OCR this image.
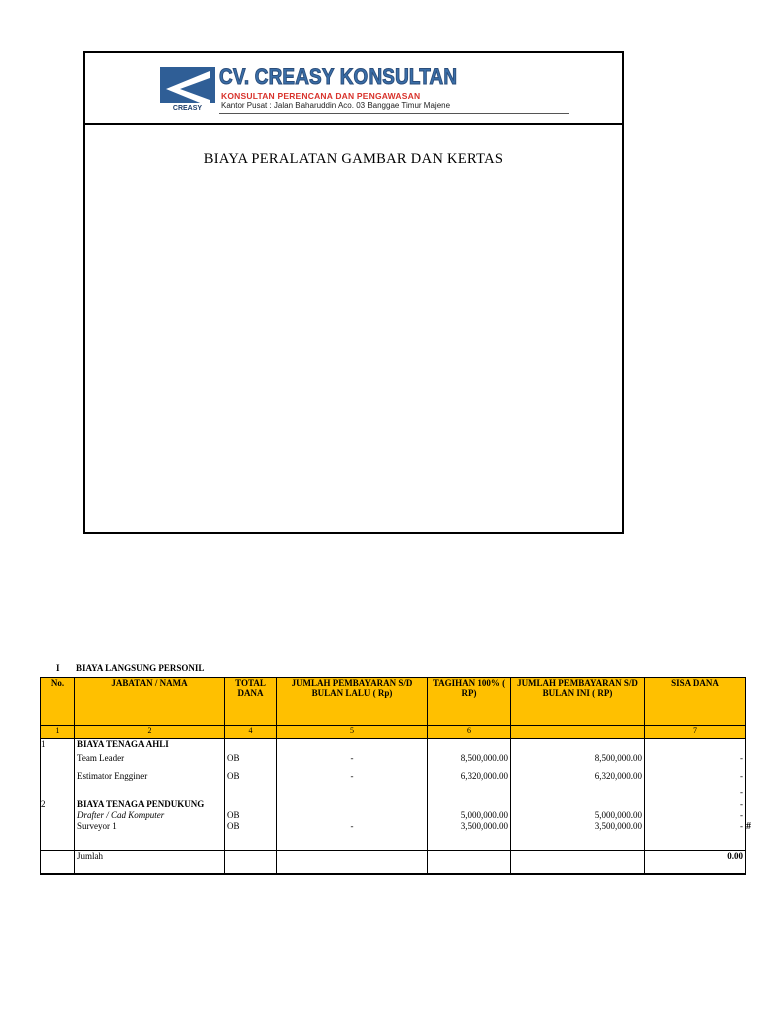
CREASY
CV. CREASY KONSULTAN
KONSULTAN PERENCANA DAN PENGAWASAN
Kantor Pusat : Jalan Baharuddin Aco. 03 Banggae Timur Majene
BIAYA PERALATAN GAMBAR DAN KERTAS
I BIAYA LANGSUNG PERSONIL
No.	JABATAN / NAMA	TOTAL DANA	JUMLAH PEMBAYARAN S/D BULAN LALU ( Rp)	TAGIHAN 100% ( RP)	JUMLAH PEMBAYARAN S/D BULAN INI ( RP)	SISA DANA
1	2	4	5	6		7
1	BIAYA TENAGA AHLI					
	Team Leader	OB	-	8,500,000.00	8,500,000.00	-
	Estimator Engginer	OB	-	6,320,000.00	6,320,000.00	-
						-
2	BIAYA TENAGA PENDUKUNG					-
	Drafter / Cad Komputer	OB		5,000,000.00	5,000,000.00	-
	Surveyor 1	OB	-	3,500,000.00	3,500,000.00	-
	Jumlah					0.00
#
